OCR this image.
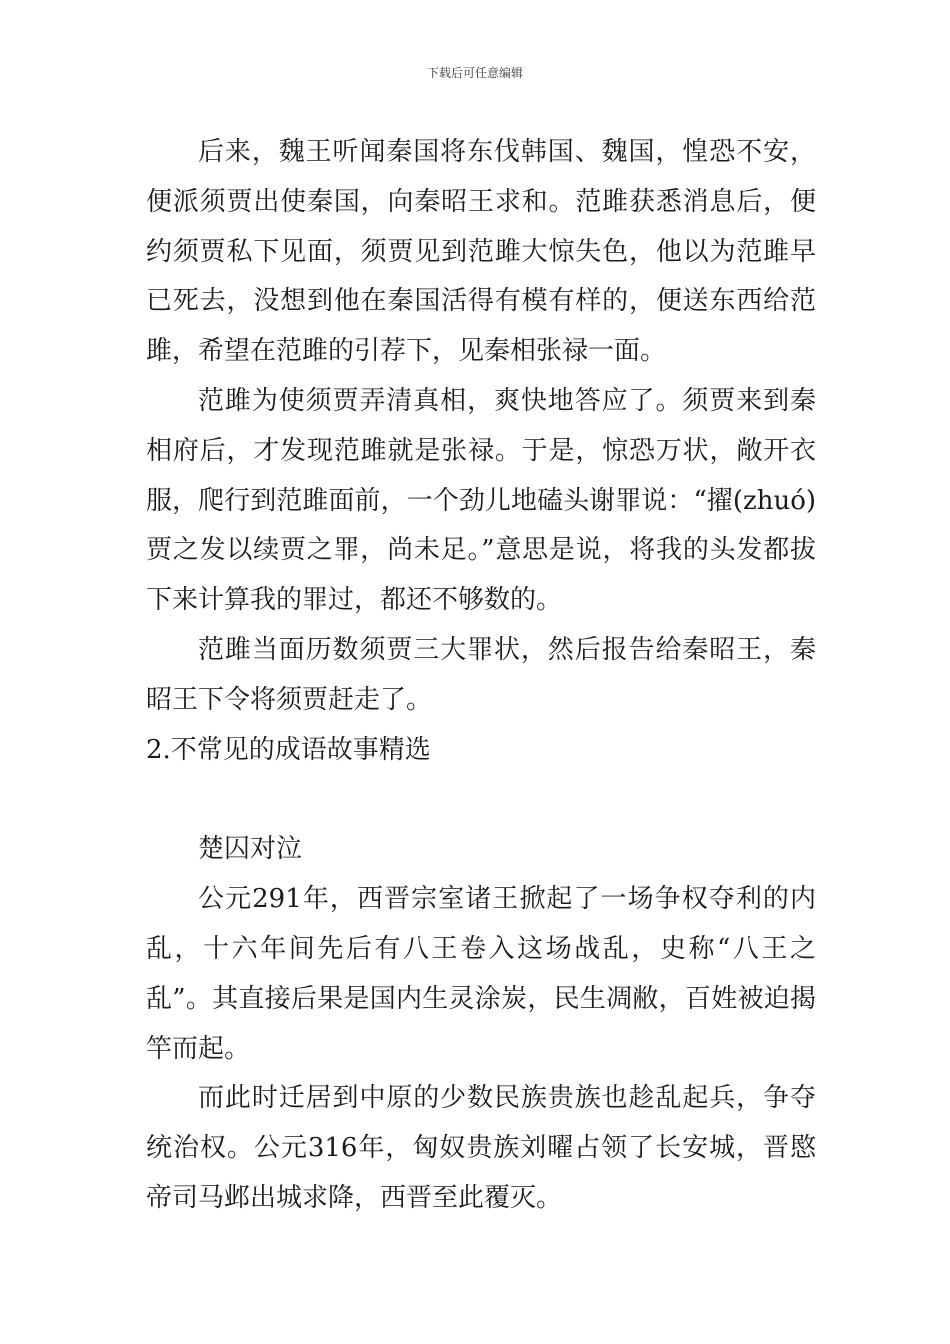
下载后可任意编辑

后来，魏王听闻秦国将东伐韩国、魏国，惶恐不安，便派须贾出使秦国，向秦昭王求和。范雎获悉消息后，便约须贾私下见面，须贾见到范雎大惊失色，他以为范雎早已死去，没想到他在秦国活得有模有样的，便送东西给范雎，希望在范雎的引荐下，见秦相张禄一面。

范雎为使须贾弄清真相，爽快地答应了。须贾来到秦相府后，才发现范雎就是张禄。于是，惊恐万状，敞开衣服，爬行到范雎面前，一个劲儿地磕头谢罪说：“擢(zhuó)贾之发以续贾之罪，尚未足。”意思是说，将我的头发都拔下来计算我的罪过，都还不够数的。

范雎当面历数须贾三大罪状，然后报告给秦昭王，秦昭王下令将须贾赶走了。

2.不常见的成语故事精选

楚囚对泣

公元291年，西晋宗室诸王掀起了一场争权夺利的内乱，十六年间先后有八王卷入这场战乱，史称“八王之乱”。其直接后果是国内生灵涂炭，民生凋敝，百姓被迫揭竿而起。

而此时迁居到中原的少数民族贵族也趁乱起兵，争夺统治权。公元316年，匈奴贵族刘曜占领了长安城，晋愍帝司马邺出城求降，西晋至此覆灭。
